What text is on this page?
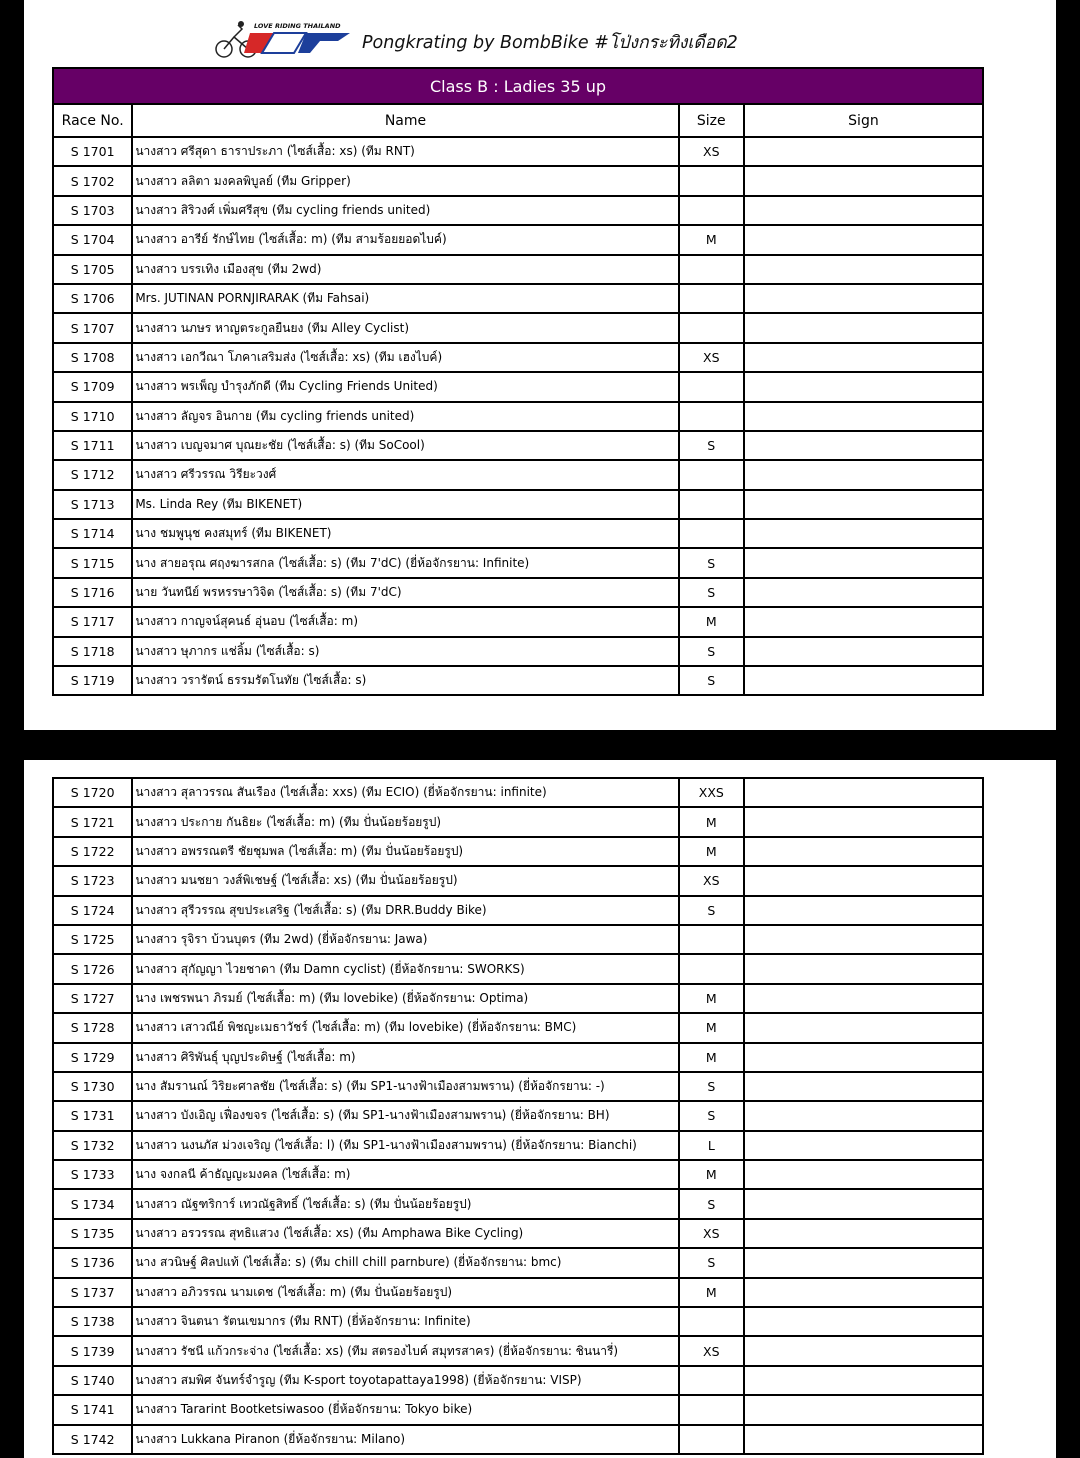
LOVE RIDING THAILAND
Pongkrating by BombBike #โป่งกระทิงเดือด2
Class B : Ladies 35 up			
Race No.	Name	Size	Sign
S 1701	นางสาว ศรีสุดา ธาราประภา (ไซส์เสื้อ: xs) (ทีม RNT)	XS	
S 1702	นางสาว ลลิตา มงคลพิบูลย์ (ทีม Gripper)		
S 1703	นางสาว สิริวงศ์ เพิ่มศรีสุข (ทีม cycling friends united)		
S 1704	นางสาว อารีย์ รักษ์ไทย (ไซส์เสื้อ: m) (ทีม สามร้อยยอดไบค์)	M	
S 1705	นางสาว บรรเทิง เมืองสุข (ทีม 2wd)		
S 1706	Mrs. JUTINAN PORNJIRARAK (ทีม Fahsai)		
S 1707	นางสาว นภษร หาญตระกูลยืนยง (ทีม Alley Cyclist)		
S 1708	นางสาว เอกวีณา โภคาเสริมส่ง (ไซส์เสื้อ: xs) (ทีม เฮงไบค์)	XS	
S 1709	นางสาว พรเพ็ญ บำรุงภักดี (ทีม Cycling Friends United)		
S 1710	นางสาว ลัญจร อินกาย (ทีม cycling friends united)		
S 1711	นางสาว เบญจมาศ บุณยะชัย (ไซส์เสื้อ: s) (ทีม SoCool)	S	
S 1712	นางสาว ศรีวรรณ วิรียะวงศ์		
S 1713	Ms. Linda Rey (ทีม BIKENET)		
S 1714	นาง ชมพูนุช คงสมุทร์ (ทีม BIKENET)		
S 1715	นาง สายอรุณ ศฤงฆารสกล (ไซส์เสื้อ: s) (ทีม 7'dC) (ยี่ห้อจักรยาน: Infinite)	S	
S 1716	นาย วันทนีย์ พรหรรษาวิจิต (ไซส์เสื้อ: s) (ทีม 7'dC)	S	
S 1717	นางสาว กาญจน์สุคนธ์ อุ่นอบ (ไซส์เสื้อ: m)	M	
S 1718	นางสาว ษุภากร แช่ลิ้ม (ไซส์เสื้อ: s)	S	
S 1719	นางสาว วรารัตน์ ธรรมรัตโนทัย (ไซส์เสื้อ: s)	S	
S 1720	นางสาว สุลาวรรณ สันเรือง (ไซส์เสื้อ: xxs) (ทีม ECIO) (ยี่ห้อจักรยาน: infinite)	XXS	
S 1721	นางสาว ประกาย กันธิยะ (ไซส์เสื้อ: m) (ทีม ปั่นน้อยร้อยรูป)	M	
S 1722	นางสาว อพรรณตรี ชัยชุมพล (ไซส์เสื้อ: m) (ทีม ปั่นน้อยร้อยรูป)	M	
S 1723	นางสาว มนชยา วงส์พิเชษฐ์ (ไซส์เสื้อ: xs) (ทีม ปั่นน้อยร้อยรูป)	XS	
S 1724	นางสาว สุรีวรรณ สุขประเสริฐ (ไซส์เสื้อ: s) (ทีม DRR.Buddy Bike)	S	
S 1725	นางสาว รุจิรา บ้วนบุตร (ทีม 2wd) (ยี่ห้อจักรยาน: Jawa)		
S 1726	นางสาว สุกัญญา ไวยชาดา (ทีม Damn cyclist) (ยี่ห้อจักรยาน: SWORKS)		
S 1727	นาง เพชรพนา ภิรมย์ (ไซส์เสื้อ: m) (ทีม lovebike) (ยี่ห้อจักรยาน: Optima)	M	
S 1728	นางสาว เสาวณีย์ พิชญะเมธาวัชร์ (ไซส์เสื้อ: m) (ทีม lovebike) (ยี่ห้อจักรยาน: BMC)	M	
S 1729	นางสาว ศิริพันธุ์ บุญประดิษฐ์ (ไซส์เสื้อ: m)	M	
S 1730	นาง สัมรานณ์ วิริยะศาลชัย (ไซส์เสื้อ: s) (ทีม SP1-นางฟ้าเมืองสามพราน) (ยี่ห้อจักรยาน: -)	S	
S 1731	นางสาว บังเอิญ เฟื่องขจร (ไซส์เสื้อ: s) (ทีม SP1-นางฟ้าเมืองสามพราน) (ยี่ห้อจักรยาน: BH)	S	
S 1732	นางสาว นงนภัส ม่วงเจริญ (ไซส์เสื้อ: l) (ทีม SP1-นางฟ้าเมืองสามพราน) (ยี่ห้อจักรยาน: Bianchi)	L	
S 1733	นาง จงกลนี ค้าธัญญะมงคล (ไซส์เสื้อ: m)	M	
S 1734	นางสาว ณัฐฑริการ์ เทวณัฐสิทธิ์ (ไซส์เสื้อ: s) (ทีม ปั่นน้อยร้อยรูป)	S	
S 1735	นางสาว อรวรรณ สุทธิแสวง (ไซส์เสื้อ: xs) (ทีม Amphawa Bike Cycling)	XS	
S 1736	นาง สวนิษฐ์ ศิลปแท้ (ไซส์เสื้อ: s) (ทีม chill chill parnbure) (ยี่ห้อจักรยาน: bmc)	S	
S 1737	นางสาว อภิวรรณ นามเดช (ไซส์เสื้อ: m) (ทีม ปั่นน้อยร้อยรูป)	M	
S 1738	นางสาว จินตนา รัตนเขมากร (ทีม RNT) (ยี่ห้อจักรยาน: Infinite)		
S 1739	นางสาว รัชนี แก้วกระจ่าง (ไซส์เสื้อ: xs) (ทีม สตรองไบค์ สมุทรสาคร) (ยี่ห้อจักรยาน: ชินนารี่)	XS	
S 1740	นางสาว สมพิศ จันทร์จำรูญ (ทีม K-sport toyotapattaya1998) (ยี่ห้อจักรยาน: VISP)		
S 1741	นางสาว Tararint Bootketsiwasoo (ยี่ห้อจักรยาน: Tokyo bike)		
S 1742	นางสาว Lukkana Piranon (ยี่ห้อจักรยาน: Milano)		
